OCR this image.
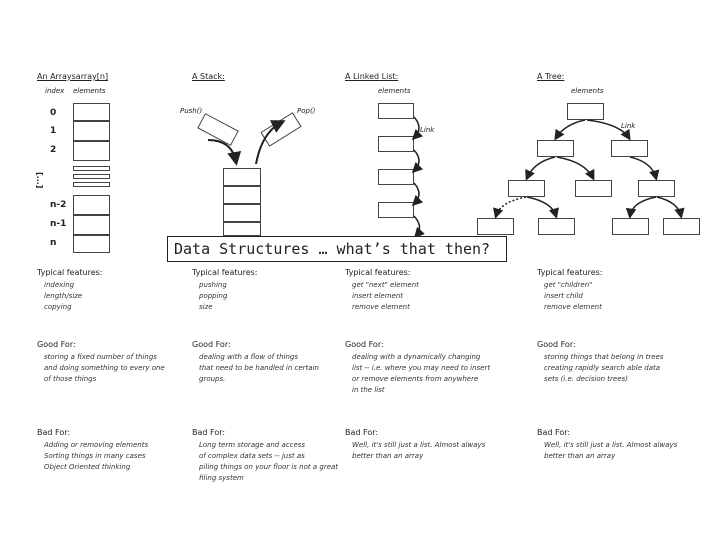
An Arraysarray[n]
index elements
0
1
2
[...]
n-2
n-1
n
A Stack:
Push()	Pop()
A Linked List:
elements
Link
A Tree:
elements
Link
Typical features:
indexing
length/size
copying
Good For:
storing a fixed number of things
and doing something to every one
of those things
Bad For:
Adding or removing elements
Sorting things in many cases
Object Oriented thinking
Typical features:
pushing
popping
size
Good For:
dealing with a flow of things
that need to be handled in certain
groups.
Bad For:
Long term storage and access
of complex data sets -- just as
piling things on your floor is not a great
filing system
Typical features:
get "next" element
insert element
remove element
Good For:
dealing with a dynamically changing
list -- i.e. where you may need to insert
or remove elements from anywhere
in the list
Bad For:
Well, it's still just a list. Almost always
better than an array
Typical features:
get "children"
insert child
remove element
Good For:
storing things that belong in trees
creating rapidly search able data
sets (i.e. decision trees)
Bad For:
Well, it's still just a list. Almost always
better than an array
Data Structures … what’s that then?
